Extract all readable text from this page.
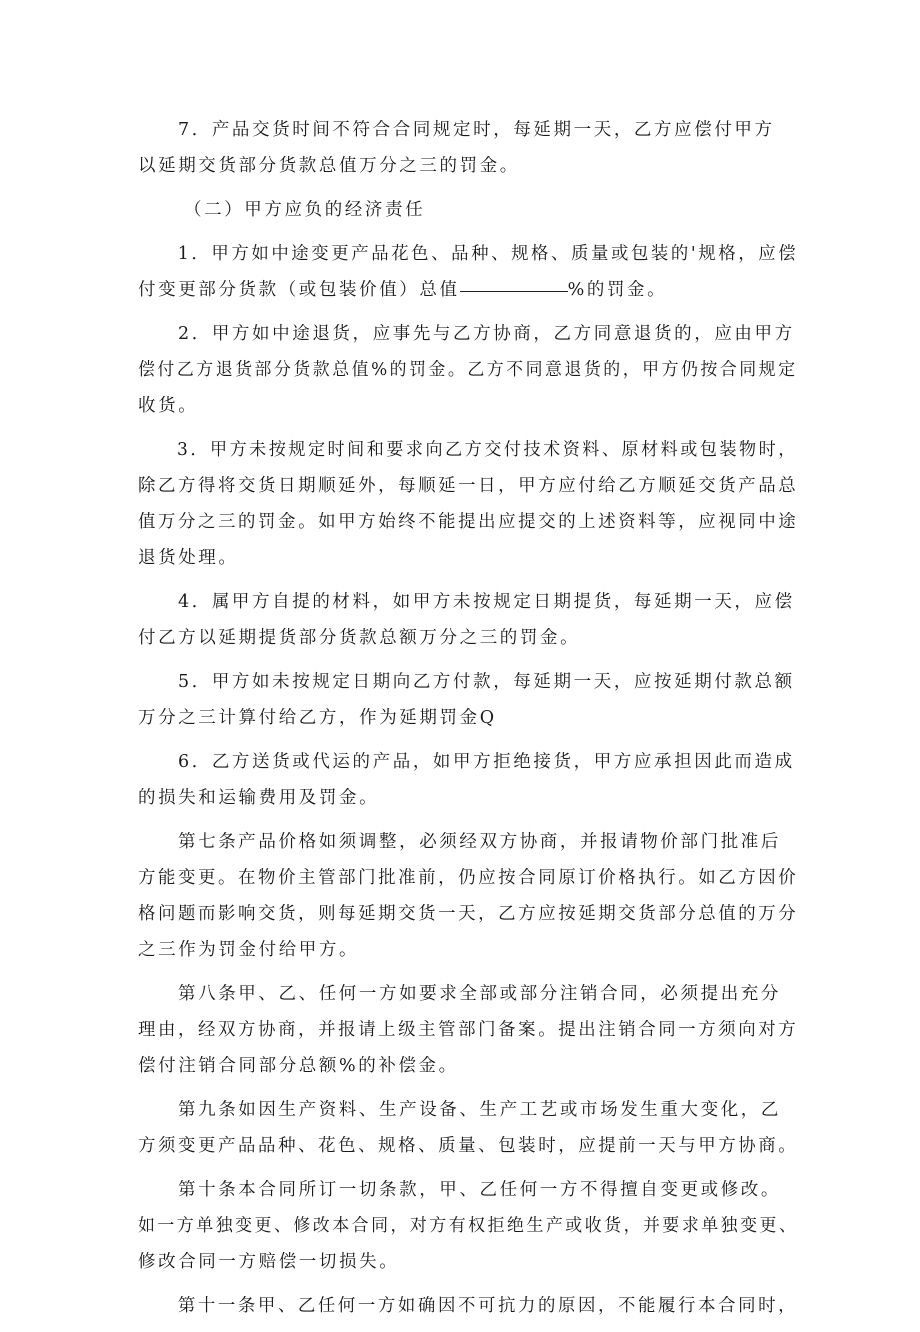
7．产品交货时间不符合合同规定时，每延期一天，乙方应偿付甲方
以延期交货部分货款总值万分之三的罚金。
（二）甲方应负的经济责任
1．甲方如中途变更产品花色、品种、规格、质量或包装的'规格，应偿
付变更部分货款（或包装价值）总值	%的罚金。
2．甲方如中途退货，应事先与乙方协商，乙方同意退货的，应由甲方
偿付乙方退货部分货款总值%的罚金。乙方不同意退货的，甲方仍按合同规定
收货。
3．甲方未按规定时间和要求向乙方交付技术资料、原材料或包装物时，
除乙方得将交货日期顺延外，每顺延一日，甲方应付给乙方顺延交货产品总
值万分之三的罚金。如甲方始终不能提出应提交的上述资料等，应视同中途
退货处理。
4．属甲方自提的材料，如甲方未按规定日期提货，每延期一天，应偿
付乙方以延期提货部分货款总额万分之三的罚金。
5．甲方如未按规定日期向乙方付款，每延期一天，应按延期付款总额
万分之三计算付给乙方，作为延期罚金Q
6．乙方送货或代运的产品，如甲方拒绝接货，甲方应承担因此而造成
的损失和运输费用及罚金。
第七条产品价格如须调整，必须经双方协商，并报请物价部门批准后
方能变更。在物价主管部门批准前，仍应按合同原订价格执行。如乙方因价
格问题而影响交货，则每延期交货一天，乙方应按延期交货部分总值的万分
之三作为罚金付给甲方。
第八条甲、乙、任何一方如要求全部或部分注销合同，必须提出充分
理由，经双方协商，并报请上级主管部门备案。提出注销合同一方须向对方
偿付注销合同部分总额%的补偿金。
第九条如因生产资料、生产设备、生产工艺或市场发生重大变化，乙
方须变更产品品种、花色、规格、质量、包装时，应提前一天与甲方协商。
第十条本合同所订一切条款，甲、乙任何一方不得擅自变更或修改。
如一方单独变更、修改本合同，对方有权拒绝生产或收货，并要求单独变更、
修改合同一方赔偿一切损失。
第十一条甲、乙任何一方如确因不可抗力的原因，不能履行本合同时，
